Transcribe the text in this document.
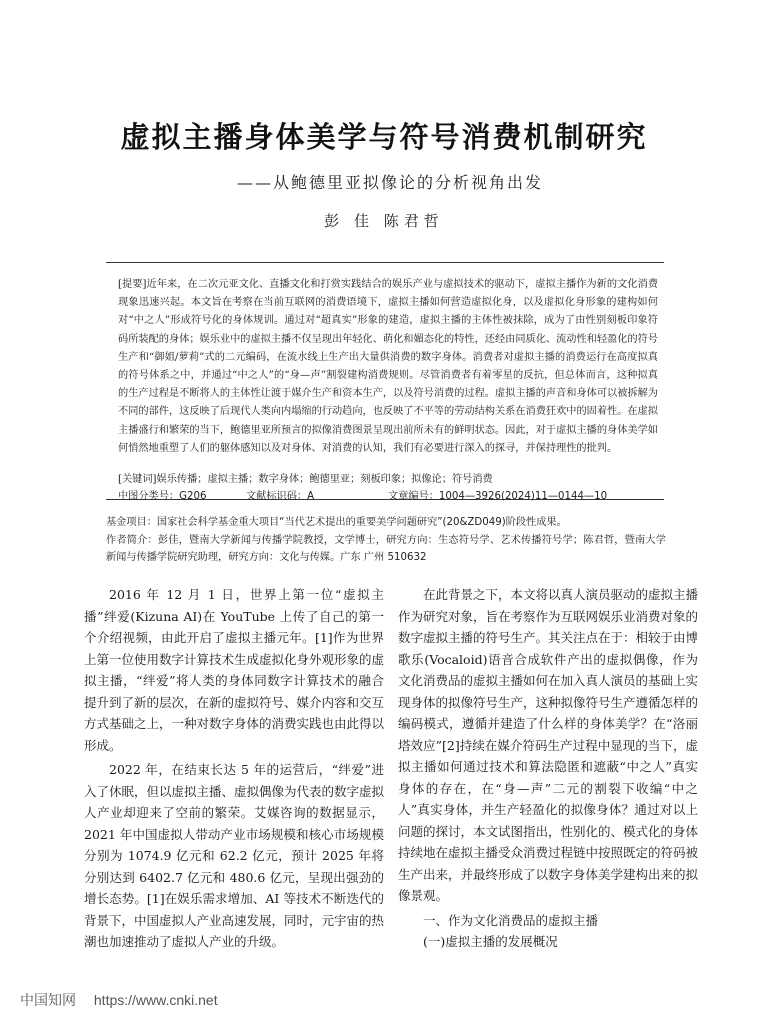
虚拟主播身体美学与符号消费机制研究
——从鲍德里亚拟像论的分析视角出发
彭 佳 陈君哲
[提要]近年来，在二次元亚文化、直播文化和打赏实践结合的娱乐产业与虚拟技术的驱动下，虚拟主播作为新的文化消费现象迅速兴起。本文旨在考察在当前互联网的消费语境下，虚拟主播如何营造虚拟化身，以及虚拟化身形象的建构如何对“中之人”形成符号化的身体规训。通过对“超真实”形象的建造，虚拟主播的主体性被抹除，成为了由性别刻板印象符码所装配的身体；娱乐业中的虚拟主播不仅呈现出年轻化、萌化和媚态化的特性，还经由同质化、流动性和轻盈化的符号生产和“御姐/萝莉”式的二元编码，在流水线上生产出大量供消费的数字身体。消费者对虚拟主播的消费运行在高度拟真的符号体系之中，并通过“中之人”的“身—声”割裂建构消费规则。尽管消费者有着零星的反抗，但总体而言，这种拟真的生产过程是不断将人的主体性让渡于媒介生产和资本生产，以及符号消费的过程。虚拟主播的声音和身体可以被拆解为不同的部件，这反映了后现代人类向内塌缩的行动趋向，也反映了不平等的劳动结构关系在消费狂欢中的固着性。在虚拟主播盛行和繁荣的当下，鲍德里亚所预言的拟像消费图景呈现出前所未有的鲜明状态。因此，对于虚拟主播的身体美学如何悄然地重塑了人们的躯体感知以及对身体、对消费的认知，我们有必要进行深入的探寻，并保持理性的批判。
[关键词]娱乐传播；虚拟主播；数字身体；鲍德里亚；刻板印象；拟像论；符号消费
中图分类号：G206	文献标识码：A	文章编号：1004—3926(2024)11—0144—10
基金项目：国家社会科学基金重大项目“当代艺术提出的重要美学问题研究”(20&ZD049)阶段性成果。
作者简介：彭佳，暨南大学新闻与传播学院教授，文学博士，研究方向：生态符号学、艺术传播符号学；陈君哲，暨南大学新闻与传播学院研究助理，研究方向：文化与传媒。广东 广州 510632

2016 年 12 月 1 日，世界上第一位“虚拟主播”绊爱(Kizuna AI)在 YouTube 上传了自己的第一个介绍视频，由此开启了虚拟主播元年。[1]作为世界上第一位使用数字计算技术生成虚拟化身外观形象的虚拟主播，“绊爱”将人类的身体同数字计算技术的融合提升到了新的层次，在新的虚拟符号、媒介内容和交互方式基础之上，一种对数字身体的消费实践也由此得以形成。

2022 年，在结束长达 5 年的运营后，“绊爱”进入了休眠，但以虚拟主播、虚拟偶像为代表的数字虚拟人产业却迎来了空前的繁荣。艾媒咨询的数据显示，2021 年中国虚拟人带动产业市场规模和核心市场规模分别为 1074.9 亿元和 62.2 亿元，预计 2025 年将分别达到 6402.7 亿元和 480.6 亿元，呈现出强劲的增长态势。[1]在娱乐需求增加、AI 等技术不断迭代的背景下，中国虚拟人产业高速发展，同时，元宇宙的热潮也加速推动了虚拟人产业的升级。

在此背景之下，本文将以真人演员驱动的虚拟主播作为研究对象，旨在考察作为互联网娱乐业消费对象的数字虚拟主播的符号生产。其关注点在于：相较于由博歌乐(Vocaloid)语音合成软件产出的虚拟偶像，作为文化消费品的虚拟主播如何在加入真人演员的基础上实现身体的拟像符号生产，这种拟像符号生产遵循怎样的编码模式，遵循并建造了什么样的身体美学？在“洛丽塔效应”[2]持续在媒介符码生产过程中显现的当下，虚拟主播如何通过技术和算法隐匿和遮蔽“中之人”真实身体的存在，在“身—声”二元的割裂下收编“中之人”真实身体，并生产轻盈化的拟像身体？通过对以上问题的探讨，本文试图指出，性别化的、模式化的身体持续地在虚拟主播受众消费过程链中按照既定的符码被生产出来，并最终形成了以数字身体美学建构出来的拟像景观。

一、作为文化消费品的虚拟主播
(一)虚拟主播的发展概况
中国知网 https://www.cnki.net
